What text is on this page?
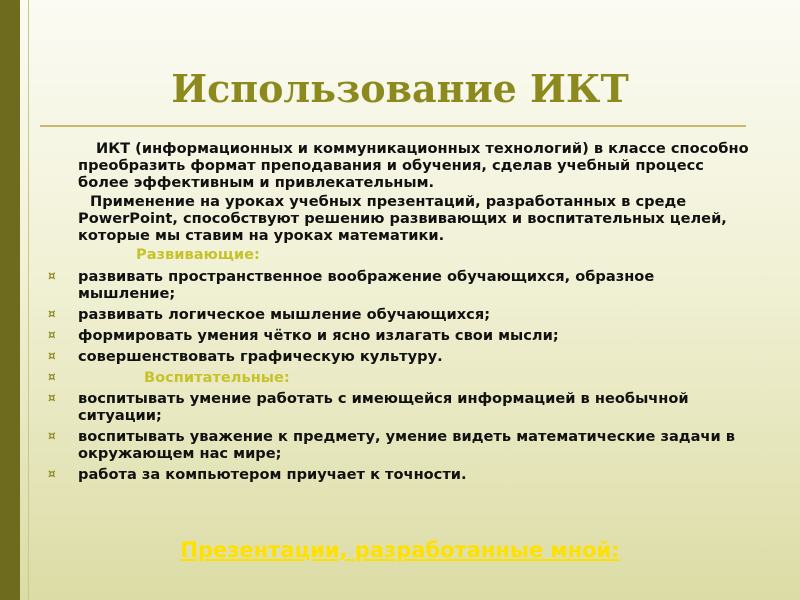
Использование ИКТ

ИКТ (информационных и коммуникационных технологий) в классе способно преобразить формат преподавания и обучения, сделав учебный процесс более эффективным и привлекательным.

Применение на уроках учебных презентаций, разработанных в среде PowerPoint, способствуют решению развивающих и воспитательных целей, которые мы ставим на уроках математики.

Развивающие:
¤ развивать пространственное воображение обучающихся, образное мышление;
¤ развивать логическое мышление обучающихся;
¤ формировать умения чётко и ясно излагать свои мысли;
¤ совершенствовать графическую культуру.
¤	Воспитательные:
¤ воспитывать умение работать с имеющейся информацией в необычной ситуации;
¤ воспитывать уважение к предмету, умение видеть математические задачи в окружающем нас мире;
¤ работа за компьютером приучает к точности.
Презентации, разработанные мной:
